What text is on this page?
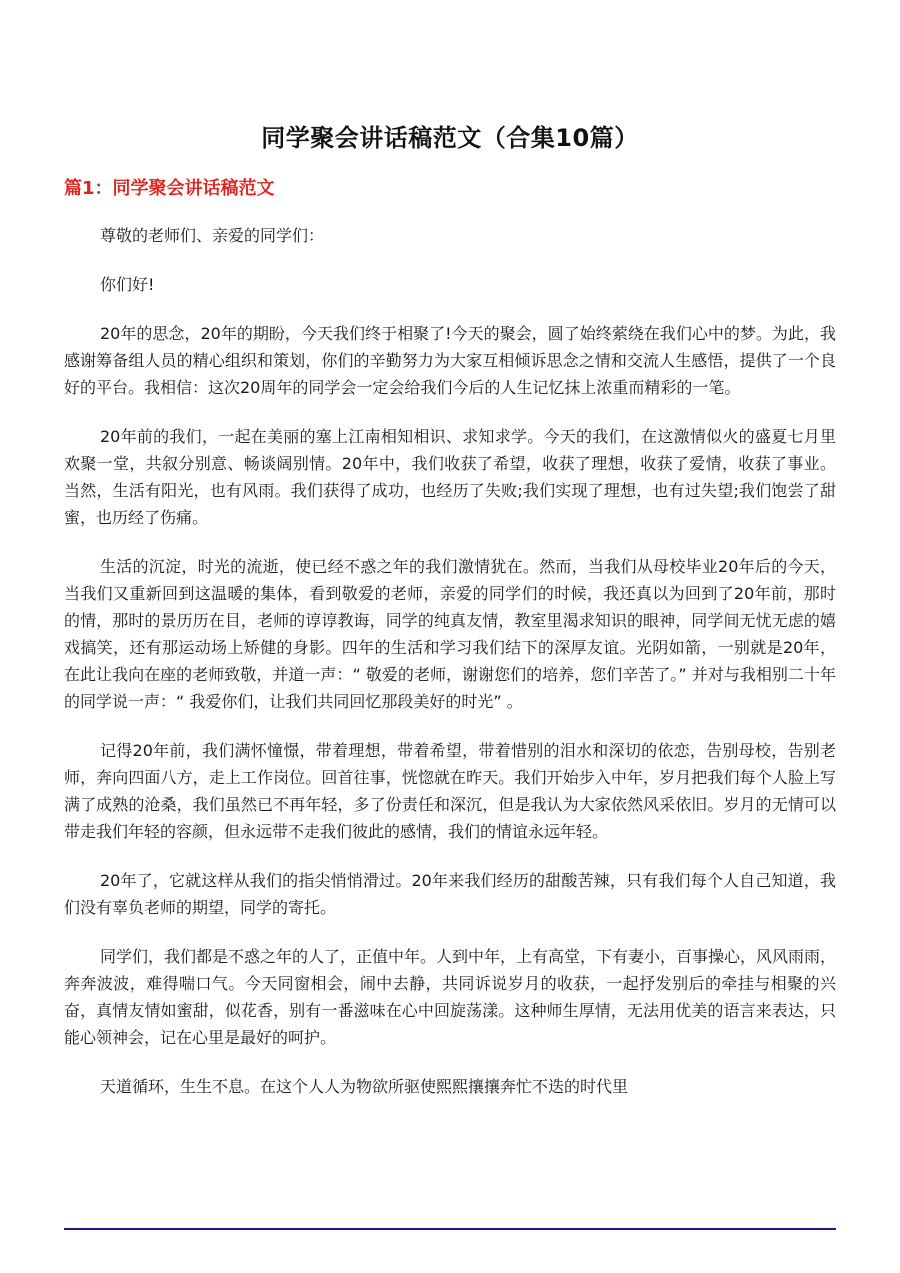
同学聚会讲话稿范文（合集10篇）
篇1：同学聚会讲话稿范文

尊敬的老师们、亲爱的同学们：

你们好!

20年的思念，20年的期盼，今天我们终于相聚了!今天的聚会，圆了始终萦绕在我们心中的梦。为此，我感谢筹备组人员的精心组织和策划，你们的辛勤努力为大家互相倾诉思念之情和交流人生感悟，提供了一个良好的平台。我相信：这次20周年的同学会一定会给我们今后的人生记忆抹上浓重而精彩的一笔。

20年前的我们，一起在美丽的塞上江南相知相识、求知求学。今天的我们，在这激情似火的盛夏七月里欢聚一堂，共叙分别意、畅谈阔别情。20年中，我们收获了希望，收获了理想，收获了爱情，收获了事业。当然，生活有阳光，也有风雨。我们获得了成功，也经历了失败;我们实现了理想，也有过失望;我们饱尝了甜蜜，也历经了伤痛。

生活的沉淀，时光的流逝，使已经不惑之年的我们激情犹在。然而，当我们从母校毕业20年后的今天，当我们又重新回到这温暖的集体，看到敬爱的老师，亲爱的同学们的时候，我还真以为回到了20年前，那时的情，那时的景历历在目，老师的谆谆教诲，同学的纯真友情，教室里渴求知识的眼神，同学间无忧无虑的嬉戏搞笑，还有那运动场上矫健的身影。四年的生活和学习我们结下的深厚友谊。光阴如箭，一别就是20年，在此让我向在座的老师致敬，并道一声：“ 敬爱的老师，谢谢您们的培养，您们辛苦了。” 并对与我相别二十年的同学说一声：“ 我爱你们，让我们共同回忆那段美好的时光” 。

记得20年前，我们满怀憧憬，带着理想，带着希望，带着惜别的泪水和深切的依恋，告别母校，告别老师，奔向四面八方，走上工作岗位。回首往事，恍惚就在昨天。我们开始步入中年，岁月把我们每个人脸上写满了成熟的沧桑，我们虽然已不再年轻，多了份责任和深沉，但是我认为大家依然风采依旧。岁月的无情可以带走我们年轻的容颜，但永远带不走我们彼此的感情，我们的情谊永远年轻。

20年了，它就这样从我们的指尖悄悄滑过。20年来我们经历的甜酸苦辣，只有我们每个人自己知道，我们没有辜负老师的期望，同学的寄托。

同学们，我们都是不惑之年的人了，正值中年。人到中年，上有高堂，下有妻小，百事操心，风风雨雨，奔奔波波，难得喘口气。今天同窗相会，闹中去静，共同诉说岁月的收获，一起抒发别后的牵挂与相聚的兴奋，真情友情如蜜甜，似花香，别有一番滋味在心中回旋荡漾。这种师生厚情，无法用优美的语言来表达，只能心领神会，记在心里是最好的呵护。

天道循环，生生不息。在这个人人为物欲所驱使熙熙攘攘奔忙不迭的时代里
